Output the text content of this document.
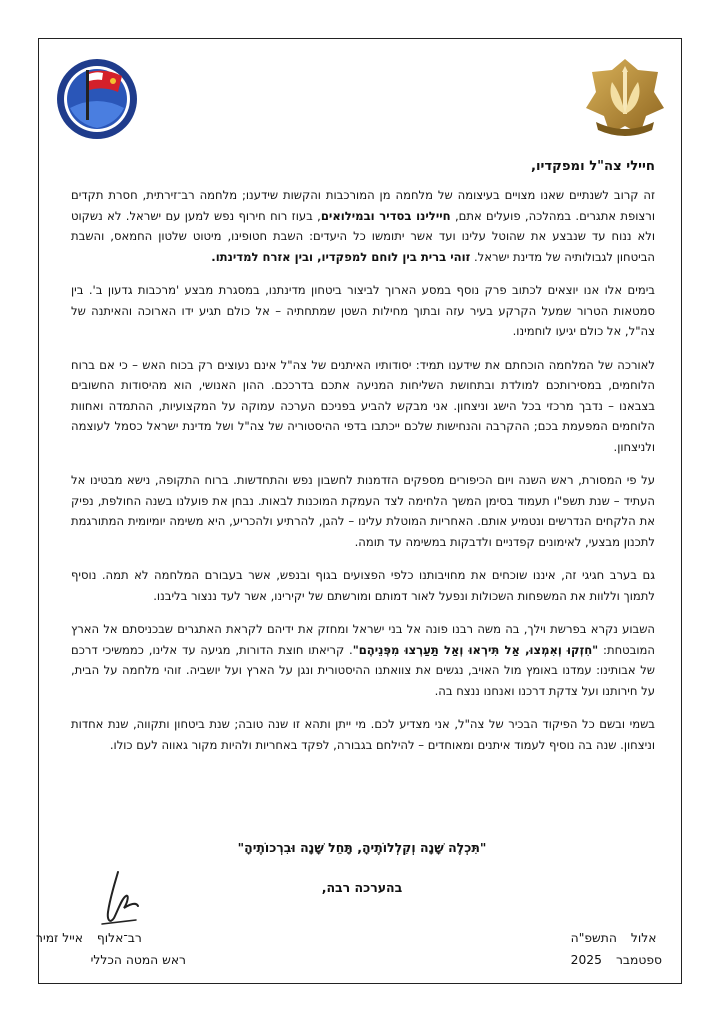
חיילי צה"ל ומפקדיו,

זה קרוב לשנתיים שאנו מצויים בעיצומה של מלחמה מן המורכבות והקשות שידענו; מלחמה רב־זירתית, חסרת תקדים ורצופת אתגרים. במהלכה, פועלים אתם, חיילינו בסדיר ובמילואים, בעוז רוח חירוף נפש למען עם ישראל. לא נשקוט ולא ננוח עד שנבצע את שהוטל עלינו ועד אשר יתומשו כל היעדים: השבת חטופינו, מיטוט שלטון החמאס, והשבת הביטחון לגבולותיה של מדינת ישראל. זוהי ברית בין לוחם למפקדיו, ובין אזרח למדינתו.

בימים אלו אנו יוצאים לכתוב פרק נוסף במסע הארוך לביצור ביטחון מדינתנו, במסגרת מבצע 'מרכבות גדעון ב'. בין סמטאות הטרור שמעל הקרקע בעיר עזה ובתוך מחילות השטן שמתחתיה – אל כולם תגיע ידו הארוכה והאיתנה של צה"ל, אל כולם יגיעו לוחמינו.

לאורכה של המלחמה הוכחתם את שידענו תמיד: יסודותיו האיתנים של צה"ל אינם נעוצים רק בכוח האש – כי אם ברוח הלוחמים, במסירותכם למולדת ובתחושת השליחות המניעה אתכם בדרככם. ההון האנושי, הוא מהיסודות החשובים בצבאנו – נדבך מרכזי בכל הישג וניצחון. אני מבקש להביע בפניכם הערכה עמוקה על המקצועיות, ההתמדה ואחוות הלוחמים המפעמת בכם; ההקרבה והנחישות שלכם ייכתבו בדפי ההיסטוריה של צה"ל ושל מדינת ישראל כסמל לעוצמה ולניצחון.

על פי המסורת, ראש השנה ויום הכיפורים מספקים הזדמנות לחשבון נפש והתחדשות. ברוח התקופה, נישא מבטינו אל העתיד – שנת תשפ"ו תעמוד בסימן המשך הלחימה לצד העמקת המוכנות לבאות. נבחן את פועלנו בשנה החולפת, נפיק את הלקחים הנדרשים ונטמיע אותם. האחריות המוטלת עלינו – להגן, להרתיע ולהכריע, היא משימה יומיומית המתורגמת לתכנון מבצעי, לאימונים קפדניים ולדבקות במשימה עד תומה.

גם בערב חגיגי זה, איננו שוכחים את מחויבותנו כלפי הפצועים בגוף ובנפש, אשר בעבורם המלחמה לא תמה. נוסיף לתמוך וללוות את המשפחות השכולות ונפעל לאור דמותם ומורשתם של יקירינו, אשר לעד ננצור בליבנו.

השבוע נקרא בפרשת וילך, בה משה רבנו פונה אל בני ישראל ומחזק את ידיהם לקראת האתגרים שבכניסתם אל הארץ המובטחת: "חִזְקוּ וְאִמְצוּ, אַל תִּירְאוּ וְאַל תַּעַרְצוּ מִפְּנֵיהֶם". קריאתו חוצת הדורות, מגיעה עד אלינו, כממשיכי דרכם של אבותינו: עמדנו באומץ מול האויב, נגשים את צוואתנו ההיסטורית ונגן על הארץ ועל יושביה. זוהי מלחמה על הבית, על חירותנו ועל צדקת דרכנו ואנחנו ננצח בה.

בשמי ובשם כל הפיקוד הבכיר של צה"ל, אני מצדיע לכם. מי ייתן ותהא זו שנה טובה; שנת ביטחון ותקווה, שנת אחדות וניצחון. שנה בה נוסיף לעמוד איתנים ומאוחדים – להילחם בגבורה, לפקד באחריות ולהיות מקור גאווה לעם כולו.

"תִּכְלֶה שָׁנָה וְקִלְלוֹתֶיהָ, תָּחֵל שָׁנָה וּבִרְכוֹתֶיהָ"

בהערכה רבה,

רב־אלוף
אייל זמיר
ראש המטה הכללי
אלול
התשפ"ה
ספטמבר
2025
